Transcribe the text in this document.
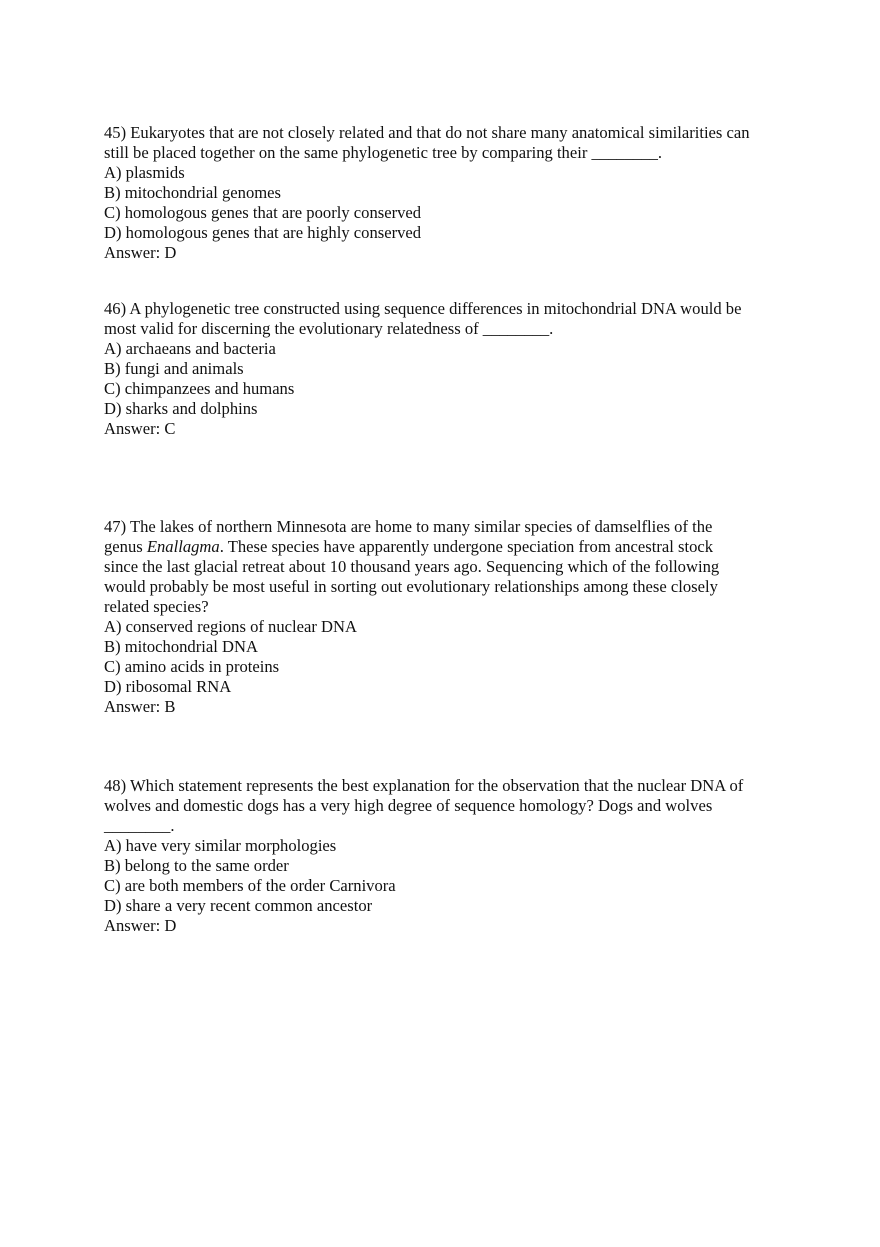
45) Eukaryotes that are not closely related and that do not share many anatomical similarities can
still be placed together on the same phylogenetic tree by comparing their ________.
A) plasmids
B) mitochondrial genomes
C) homologous genes that are poorly conserved
D) homologous genes that are highly conserved
Answer: D
46) A phylogenetic tree constructed using sequence differences in mitochondrial DNA would be
most valid for discerning the evolutionary relatedness of ________.
A) archaeans and bacteria
B) fungi and animals
C) chimpanzees and humans
D) sharks and dolphins
Answer: C
47) The lakes of northern Minnesota are home to many similar species of damselflies of the
genus Enallagma. These species have apparently undergone speciation from ancestral stock
since the last glacial retreat about 10 thousand years ago. Sequencing which of the following
would probably be most useful in sorting out evolutionary relationships among these closely
related species?
A) conserved regions of nuclear DNA
B) mitochondrial DNA
C) amino acids in proteins
D) ribosomal RNA
Answer: B
48) Which statement represents the best explanation for the observation that the nuclear DNA of
wolves and domestic dogs has a very high degree of sequence homology? Dogs and wolves
________.
A) have very similar morphologies
B) belong to the same order
C) are both members of the order Carnivora
D) share a very recent common ancestor
Answer: D
